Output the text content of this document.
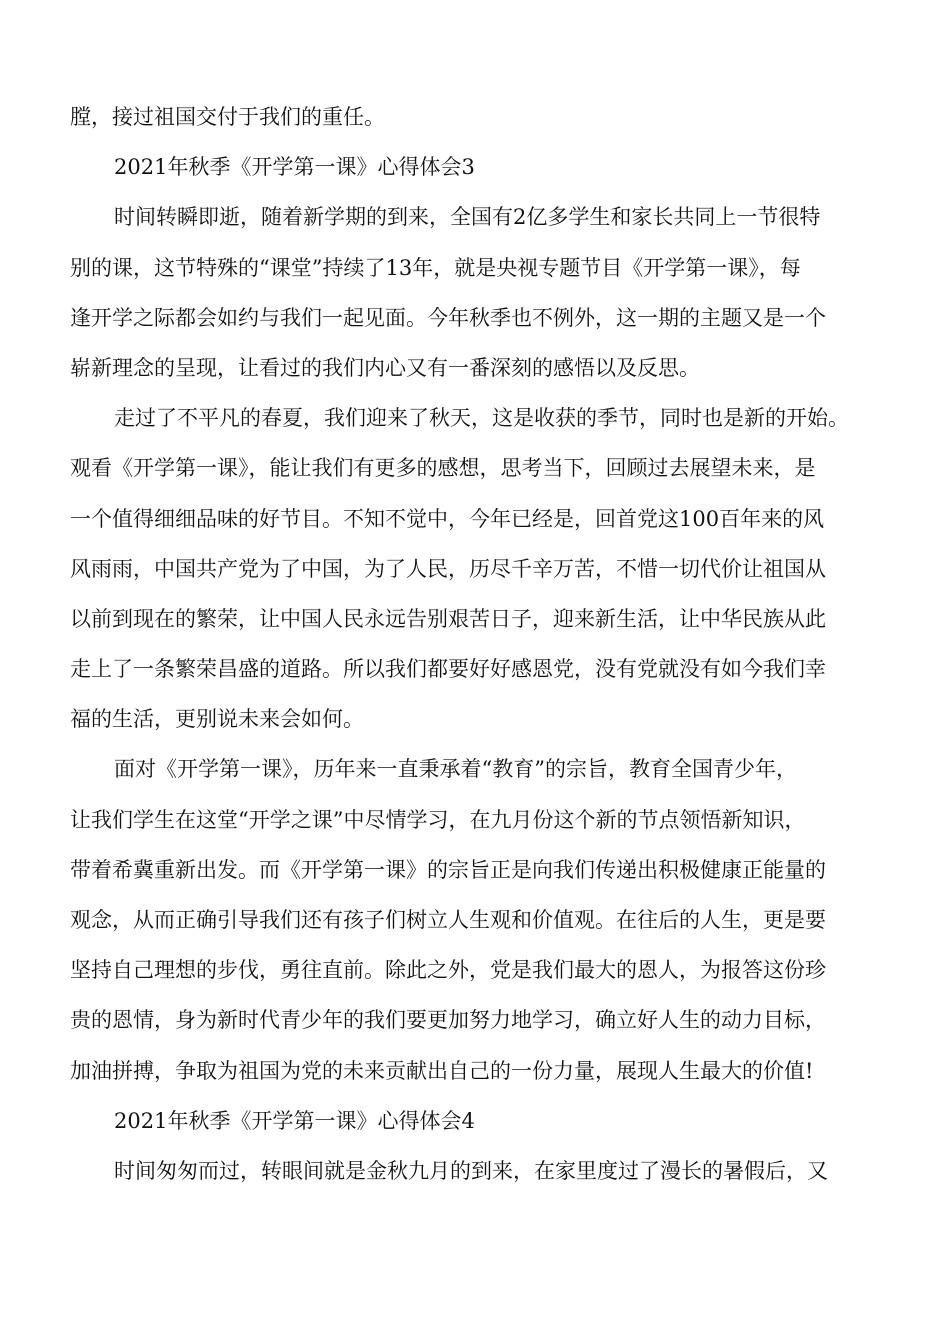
膛，接过祖国交付于我们的重任。
2021年秋季《开学第一课》心得体会3
时间转瞬即逝，随着新学期的到来，全国有2亿多学生和家长共同上一节很特
别的课，这节特殊的“课堂”持续了13年，就是央视专题节目《开学第一课》，每
逢开学之际都会如约与我们一起见面。今年秋季也不例外，这一期的主题又是一个
崭新理念的呈现，让看过的我们内心又有一番深刻的感悟以及反思。
走过了不平凡的春夏，我们迎来了秋天，这是收获的季节，同时也是新的开始。
观看《开学第一课》，能让我们有更多的感想，思考当下，回顾过去展望未来，是
一个值得细细品味的好节目。不知不觉中，今年已经是，回首党这100百年来的风
风雨雨，中国共产党为了中国，为了人民，历尽千辛万苦，不惜一切代价让祖国从
以前到现在的繁荣，让中国人民永远告别艰苦日子，迎来新生活，让中华民族从此
走上了一条繁荣昌盛的道路。所以我们都要好好感恩党，没有党就没有如今我们幸
福的生活，更别说未来会如何。
面对《开学第一课》，历年来一直秉承着“教育”的宗旨，教育全国青少年，
让我们学生在这堂“开学之课”中尽情学习，在九月份这个新的节点领悟新知识，
带着希冀重新出发。而《开学第一课》的宗旨正是向我们传递出积极健康正能量的
观念，从而正确引导我们还有孩子们树立人生观和价值观。在往后的人生，更是要
坚持自己理想的步伐，勇往直前。除此之外，党是我们最大的恩人，为报答这份珍
贵的恩情，身为新时代青少年的我们要更加努力地学习，确立好人生的动力目标，
加油拼搏，争取为祖国为党的未来贡献出自己的一份力量，展现人生最大的价值!
2021年秋季《开学第一课》心得体会4
时间匆匆而过，转眼间就是金秋九月的到来，在家里度过了漫长的暑假后，又
